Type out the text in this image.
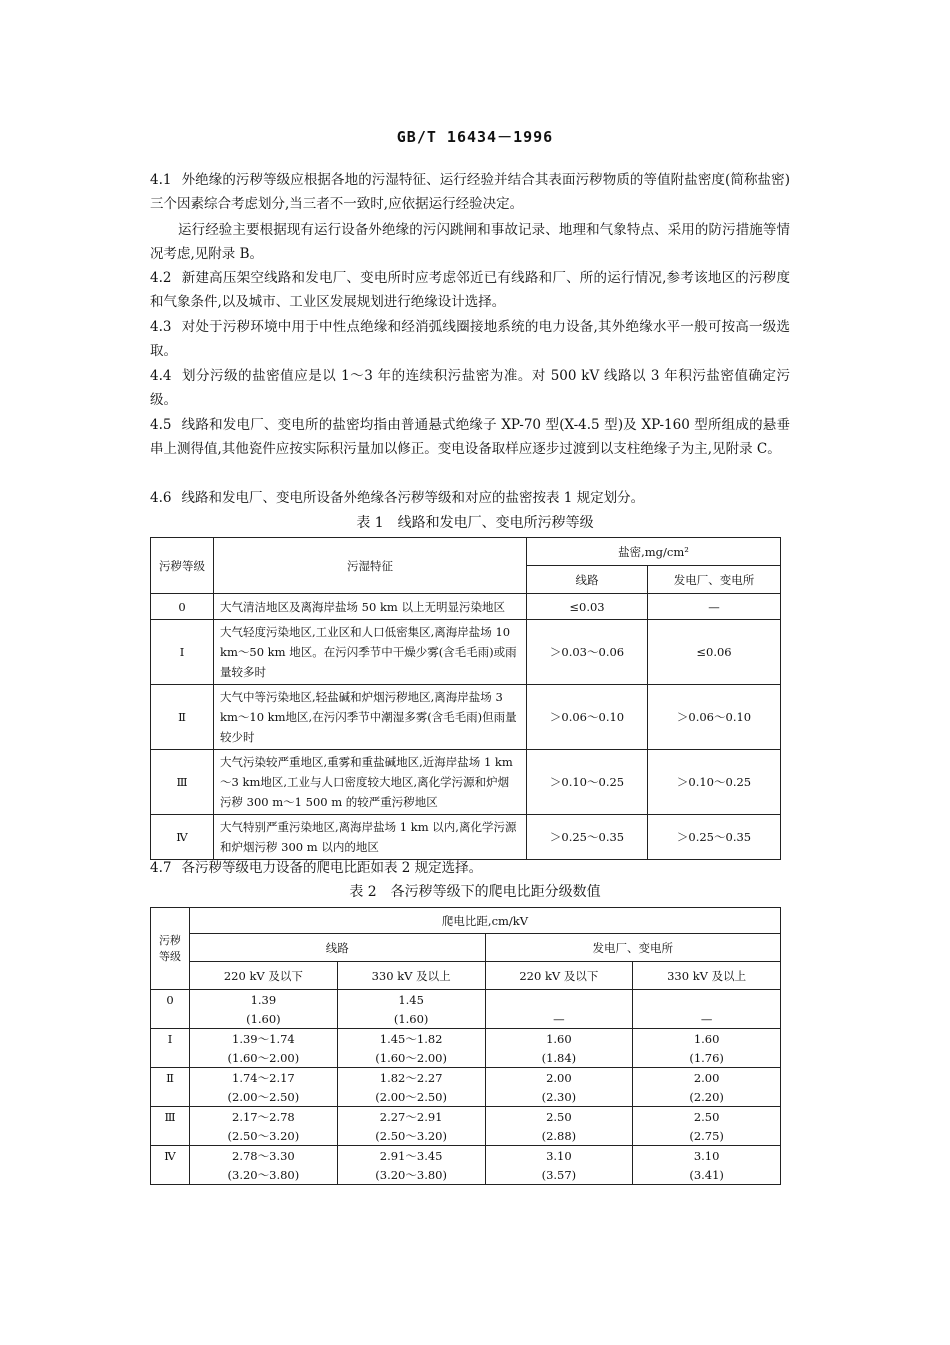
GB/T 16434－1996
4.1 外绝缘的污秽等级应根据各地的污湿特征、运行经验并结合其表面污秽物质的等值附盐密度(简称盐密)三个因素综合考虑划分,当三者不一致时,应依据运行经验决定。
运行经验主要根据现有运行设备外绝缘的污闪跳闸和事故记录、地理和气象特点、采用的防污措施等情况考虑,见附录 B。
4.2 新建高压架空线路和发电厂、变电所时应考虑邻近已有线路和厂、所的运行情况,参考该地区的污秽度和气象条件,以及城市、工业区发展规划进行绝缘设计选择。
4.3 对处于污秽环境中用于中性点绝缘和经消弧线圈接地系统的电力设备,其外绝缘水平一般可按高一级选取。
4.4 划分污级的盐密值应是以 1～3 年的连续积污盐密为准。对 500 kV 线路以 3 年积污盐密值确定污级。
4.5 线路和发电厂、变电所的盐密均指由普通悬式绝缘子 XP-70 型(X-4.5 型)及 XP-160 型所组成的悬垂串上测得值,其他瓷件应按实际积污量加以修正。变电设备取样应逐步过渡到以支柱绝缘子为主,见附录 C。
4.6 线路和发电厂、变电所设备外绝缘各污秽等级和对应的盐密按表 1 规定划分。
表 1　线路和发电厂、变电所污秽等级
污秽等级	污湿特征	盐密,mg/cm²	
		线路	发电厂、变电所
0	大气清洁地区及离海岸盐场 50 km 以上无明显污染地区	≤0.03	—
Ⅰ	大气轻度污染地区,工业区和人口低密集区,离海岸盐场 10 km～50 km 地区。在污闪季节中干燥少雾(含毛毛雨)或雨量较多时	＞0.03～0.06	≤0.06
Ⅱ	大气中等污染地区,轻盐碱和炉烟污秽地区,离海岸盐场 3 km～10 km地区,在污闪季节中潮湿多雾(含毛毛雨)但雨量较少时	＞0.06～0.10	＞0.06～0.10
Ⅲ	大气污染较严重地区,重雾和重盐碱地区,近海岸盐场 1 km～3 km地区,工业与人口密度较大地区,离化学污源和炉烟污秽 300 m～1 500 m 的较严重污秽地区	＞0.10～0.25	＞0.10～0.25
Ⅳ	大气特别严重污染地区,离海岸盐场 1 km 以内,离化学污源和炉烟污秽 300 m 以内的地区	＞0.25～0.35	＞0.25～0.35
4.7 各污秽等级电力设备的爬电比距如表 2 规定选择。
表 2　各污秽等级下的爬电比距分级数值
污秽等级	爬电比距,cm/kV			
	线路		发电厂、变电所	
	220 kV 及以下	330 kV 及以上	220 kV 及以下	330 kV 及以上
0	1.39	1.45		
	(1.60)	(1.60)	—	—
Ⅰ	1.39～1.74	1.45～1.82	1.60	1.60
	(1.60～2.00)	(1.60～2.00)	(1.84)	(1.76)
Ⅱ	1.74～2.17	1.82～2.27	2.00	2.00
	(2.00～2.50)	(2.00～2.50)	(2.30)	(2.20)
Ⅲ	2.17～2.78	2.27～2.91	2.50	2.50
	(2.50～3.20)	(2.50～3.20)	(2.88)	(2.75)
Ⅳ	2.78～3.30	2.91～3.45	3.10	3.10
	(3.20～3.80)	(3.20～3.80)	(3.57)	(3.41)
